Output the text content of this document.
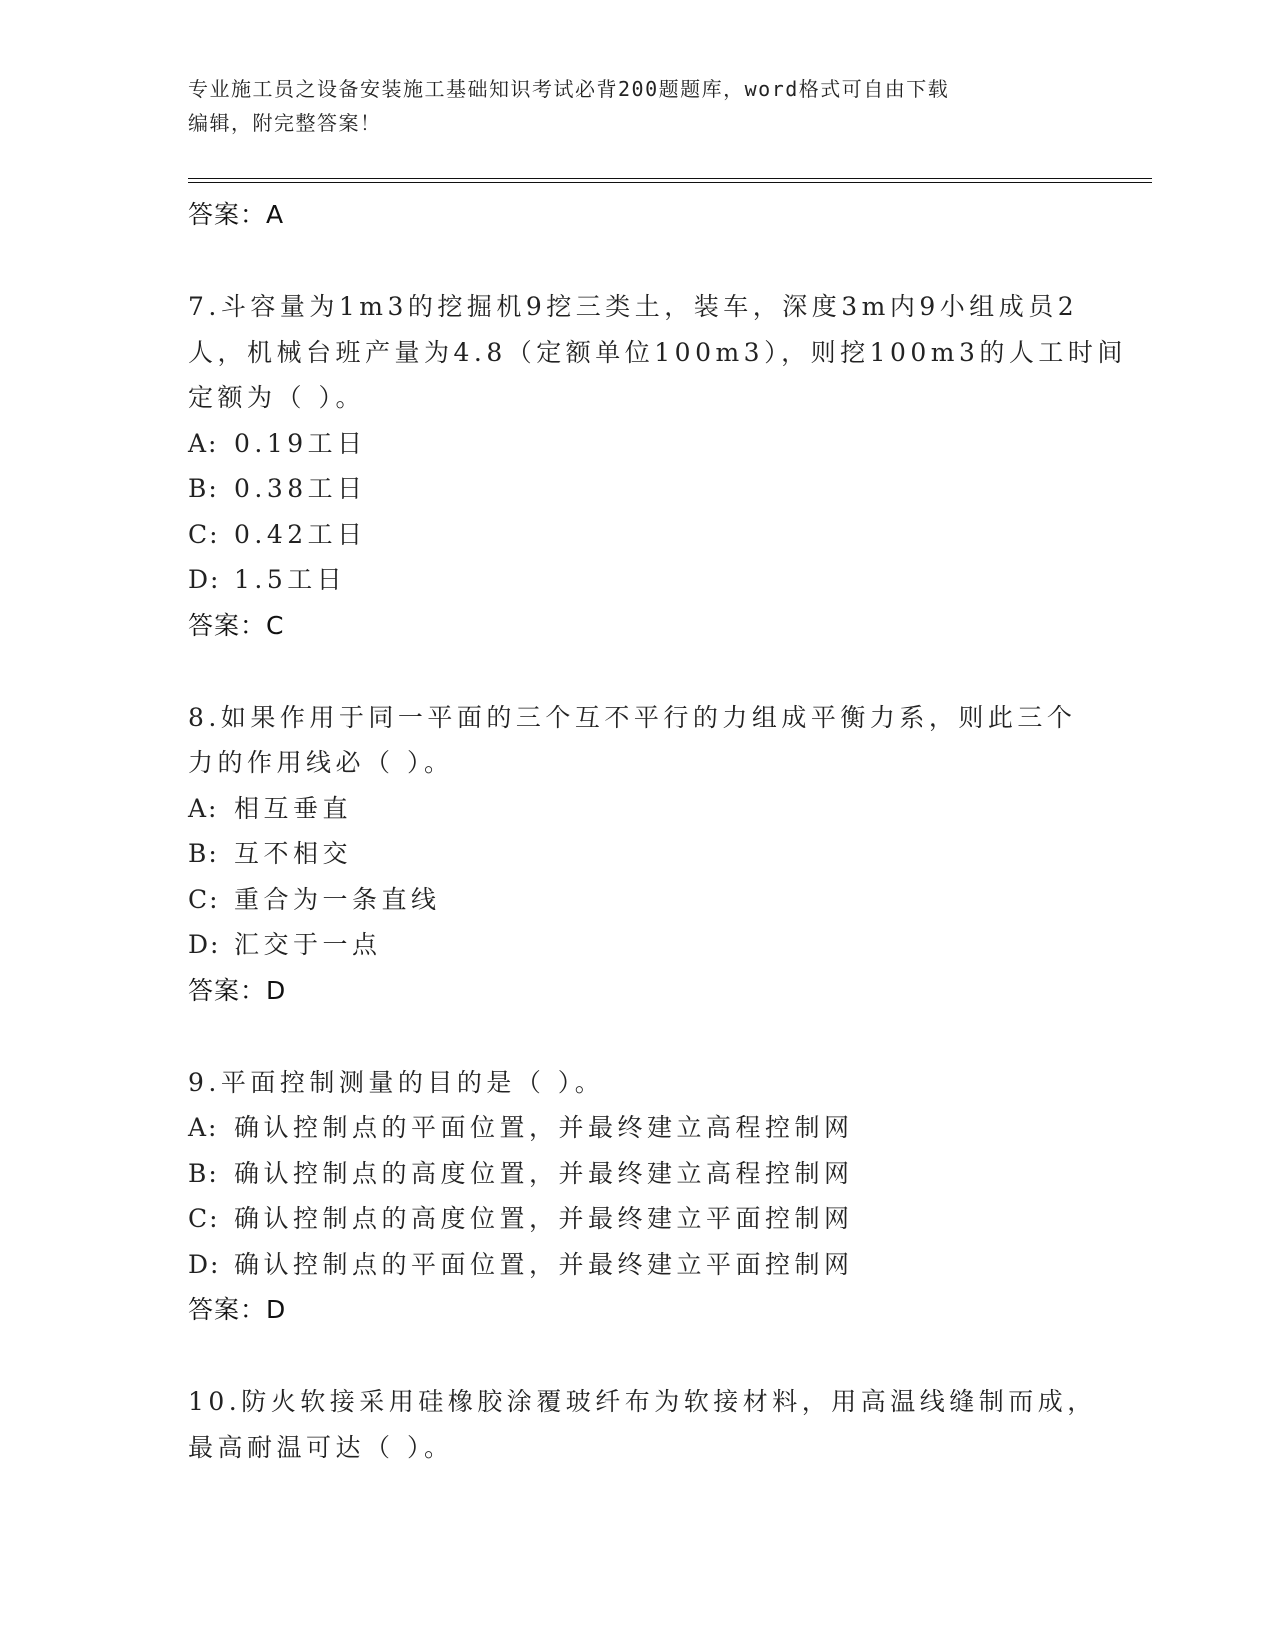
专业施工员之设备安装施工基础知识考试必背200题题库，word格式可自由下载
编辑，附完整答案！
答案：A
7.斗容量为1m3的挖掘机9挖三类土，装车，深度3m内9小组成员2
人，机械台班产量为4.8（定额单位100m3），则挖100m3的人工时间
定额为（ ）。
A: 0.19工日
B: 0.38工日
C: 0.42工日
D: 1.5工日
答案：C
8.如果作用于同一平面的三个互不平行的力组成平衡力系，则此三个
力的作用线必（ ）。
A: 相互垂直
B: 互不相交
C: 重合为一条直线
D: 汇交于一点
答案：D
9.平面控制测量的目的是（ ）。
A: 确认控制点的平面位置，并最终建立高程控制网
B: 确认控制点的高度位置，并最终建立高程控制网
C: 确认控制点的高度位置，并最终建立平面控制网
D: 确认控制点的平面位置，并最终建立平面控制网
答案：D
10.防火软接采用硅橡胶涂覆玻纤布为软接材料，用高温线缝制而成，
最高耐温可达（ ）。
